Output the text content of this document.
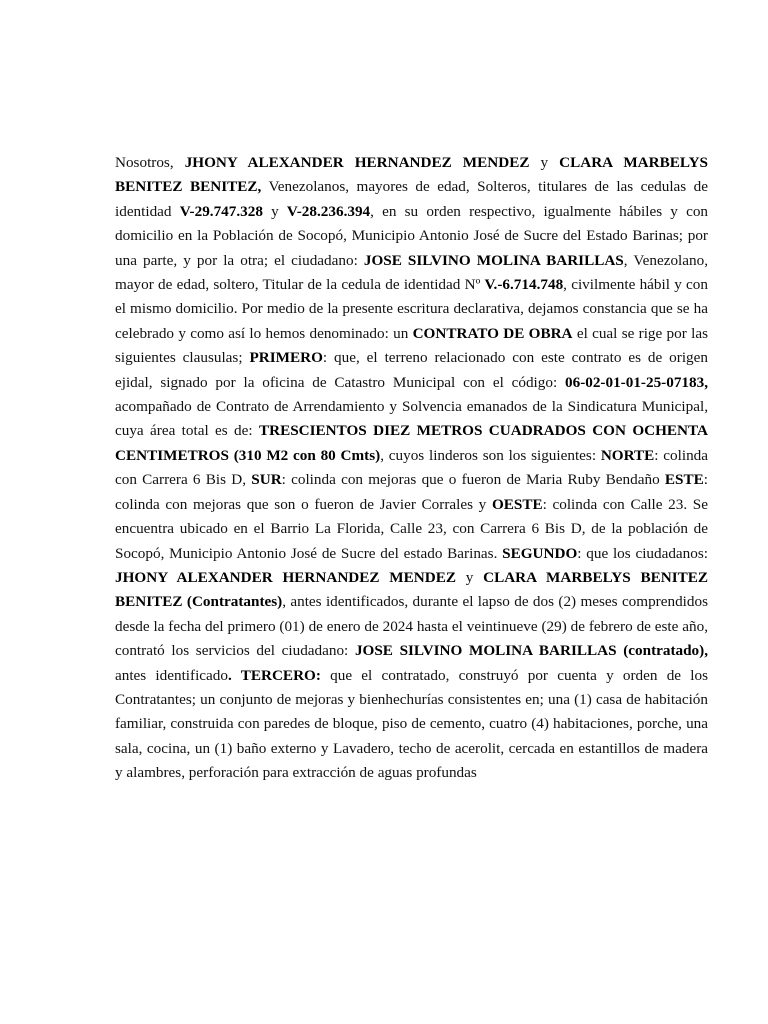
Nosotros, JHONY ALEXANDER HERNANDEZ MENDEZ y CLARA MARBELYS BENITEZ BENITEZ, Venezolanos, mayores de edad, Solteros, titulares de las cedulas de identidad V-29.747.328 y V-28.236.394, en su orden respectivo, igualmente hábiles y con domicilio en la Población de Socopó, Municipio Antonio José de Sucre del Estado Barinas; por una parte, y por la otra; el ciudadano: JOSE SILVINO MOLINA BARILLAS, Venezolano, mayor de edad, soltero, Titular de la cedula de identidad Nº V.-6.714.748, civilmente hábil y con el mismo domicilio. Por medio de la presente escritura declarativa, dejamos constancia que se ha celebrado y como así lo hemos denominado: un CONTRATO DE OBRA el cual se rige por las siguientes clausulas; PRIMERO: que, el terreno relacionado con este contrato es de origen ejidal, signado por la oficina de Catastro Municipal con el código: 06-02-01-01-25-07183, acompañado de Contrato de Arrendamiento y Solvencia emanados de la Sindicatura Municipal, cuya área total es de: TRESCIENTOS DIEZ METROS CUADRADOS CON OCHENTA CENTIMETROS (310 M2 con 80 Cmts), cuyos linderos son los siguientes: NORTE: colinda con Carrera 6 Bis D, SUR: colinda con mejoras que o fueron de Maria Ruby Bendaño ESTE: colinda con mejoras que son o fueron de Javier Corrales y OESTE: colinda con Calle 23. Se encuentra ubicado en el Barrio La Florida, Calle 23, con Carrera 6 Bis D, de la población de Socopó, Municipio Antonio José de Sucre del estado Barinas. SEGUNDO: que los ciudadanos: JHONY ALEXANDER HERNANDEZ MENDEZ y CLARA MARBELYS BENITEZ BENITEZ (Contratantes), antes identificados, durante el lapso de dos (2) meses comprendidos desde la fecha del primero (01) de enero de 2024 hasta el veintinueve (29) de febrero de este año, contrató los servicios del ciudadano: JOSE SILVINO MOLINA BARILLAS (contratado), antes identificado. TERCERO: que el contratado, construyó por cuenta y orden de los Contratantes; un conjunto de mejoras y bienhechurías consistentes en; una (1) casa de habitación familiar, construida con paredes de bloque, piso de cemento, cuatro (4) habitaciones, porche, una sala, cocina, un (1) baño externo y Lavadero, techo de acerolit, cercada en estantillos de madera y alambres, perforación para extracción de aguas profundas
